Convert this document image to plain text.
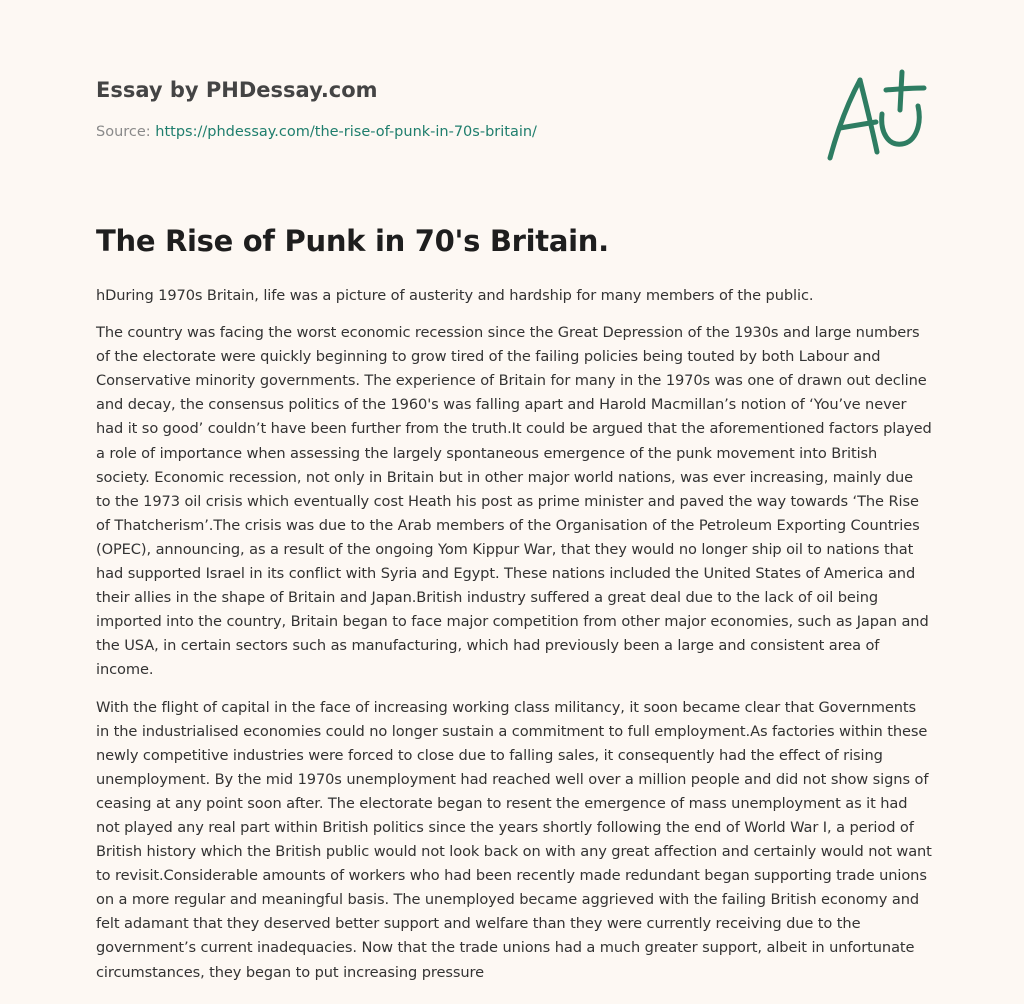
Essay by PHDessay.com
Source: https://phdessay.com/the-rise-of-punk-in-70s-britain/
The Rise of Punk in 70's Britain.

hDuring 1970s Britain, life was a picture of austerity and hardship for many members of the public.

The country was facing the worst economic recession since the Great Depression of the 1930s and large numbers of the electorate were quickly beginning to grow tired of the failing policies being touted by both Labour and Conservative minority governments. The experience of Britain for many in the 1970s was one of drawn out decline and decay, the consensus politics of the 1960's was falling apart and Harold Macmillan’s notion of ‘You’ve never had it so good’ couldn’t have been further from the truth.It could be argued that the aforementioned factors played a role of importance when assessing the largely spontaneous emergence of the punk movement into British society. Economic recession, not only in Britain but in other major world nations, was ever increasing, mainly due to the 1973 oil crisis which eventually cost Heath his post as prime minister and paved the way towards ‘The Rise of Thatcherism’.The crisis was due to the Arab members of the Organisation of the Petroleum Exporting Countries (OPEC), announcing, as a result of the ongoing Yom Kippur War, that they would no longer ship oil to nations that had supported Israel in its conflict with Syria and Egypt. These nations included the United States of America and their allies in the shape of Britain and Japan.British industry suffered a great deal due to the lack of oil being imported into the country, Britain began to face major competition from other major economies, such as Japan and the USA, in certain sectors such as manufacturing, which had previously been a large and consistent area of income.

With the flight of capital in the face of increasing working class militancy, it soon became clear that Governments in the industrialised economies could no longer sustain a commitment to full employment.As factories within these newly competitive industries were forced to close due to falling sales, it consequently had the effect of rising unemployment. By the mid 1970s unemployment had reached well over a million people and did not show signs of ceasing at any point soon after. The electorate began to resent the emergence of mass unemployment as it had not played any real part within British politics since the years shortly following the end of World War I, a period of British history which the British public would not look back on with any great affection and certainly would not want to revisit.Considerable amounts of workers who had been recently made redundant began supporting trade unions on a more regular and meaningful basis. The unemployed became aggrieved with the failing British economy and felt adamant that they deserved better support and welfare than they were currently receiving due to the government’s current inadequacies. Now that the trade unions had a much greater support, albeit in unfortunate circumstances, they began to put increasing pressure
